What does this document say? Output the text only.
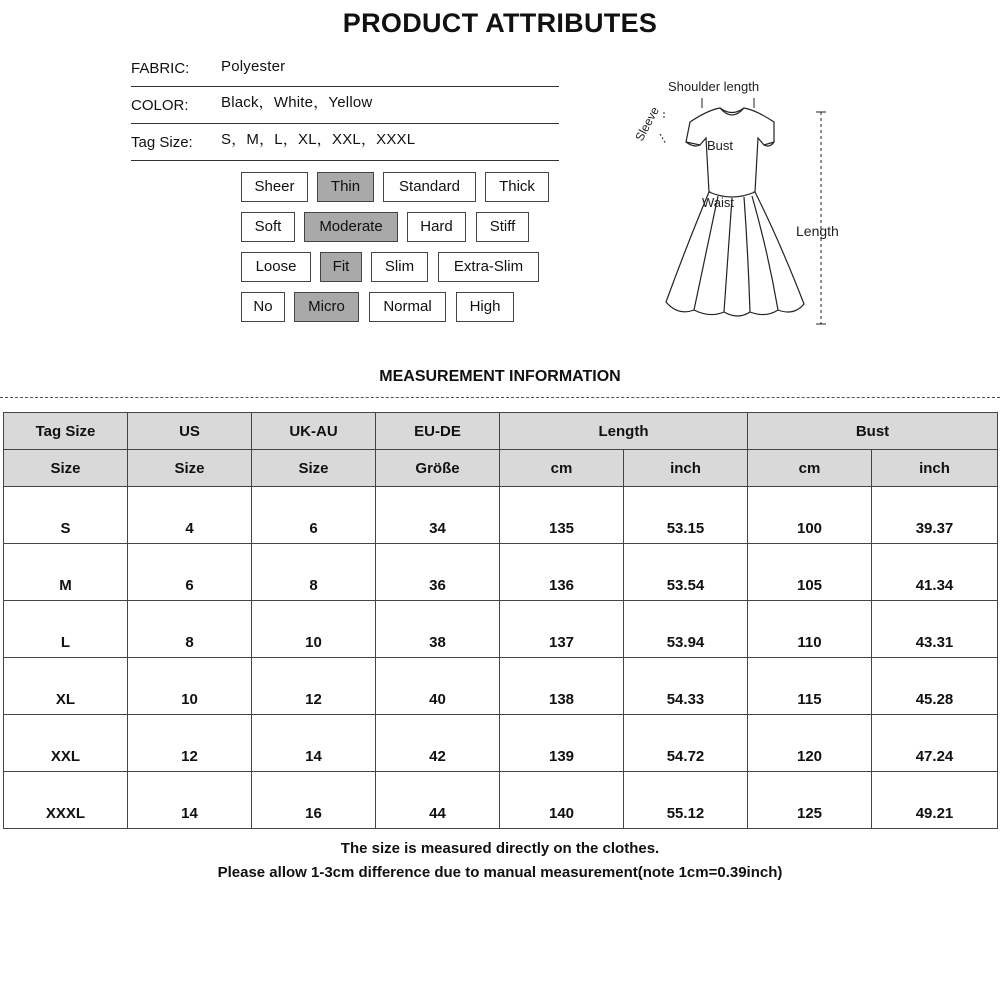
PRODUCT ATTRIBUTES
FABRIC: Polyester
COLOR: Black，White，Yellow
Tag Size: S，M，L，XL，XXL，XXXL
Sheer	Thin	Standard	Thick
Soft	Moderate	Hard	Stiff
Loose	Fit	Slim	Extra-Slim
No	Micro	Normal	High
Shoulder length
Sleeve
Bust
Waist
Length
MEASUREMENT INFORMATION
Tag Size	US	UK-AU	EU-DE	Length		Bust	
Size	Size	Size	Größe	cm	inch	cm	inch
S	4	6	34	135	53.15	100	39.37
M	6	8	36	136	53.54	105	41.34
L	8	10	38	137	53.94	110	43.31
XL	10	12	40	138	54.33	115	45.28
XXL	12	14	42	139	54.72	120	47.24
XXXL	14	16	44	140	55.12	125	49.21
The size is measured directly on the clothes.
Please allow 1-3cm difference due to manual measurement(note 1cm=0.39inch)
